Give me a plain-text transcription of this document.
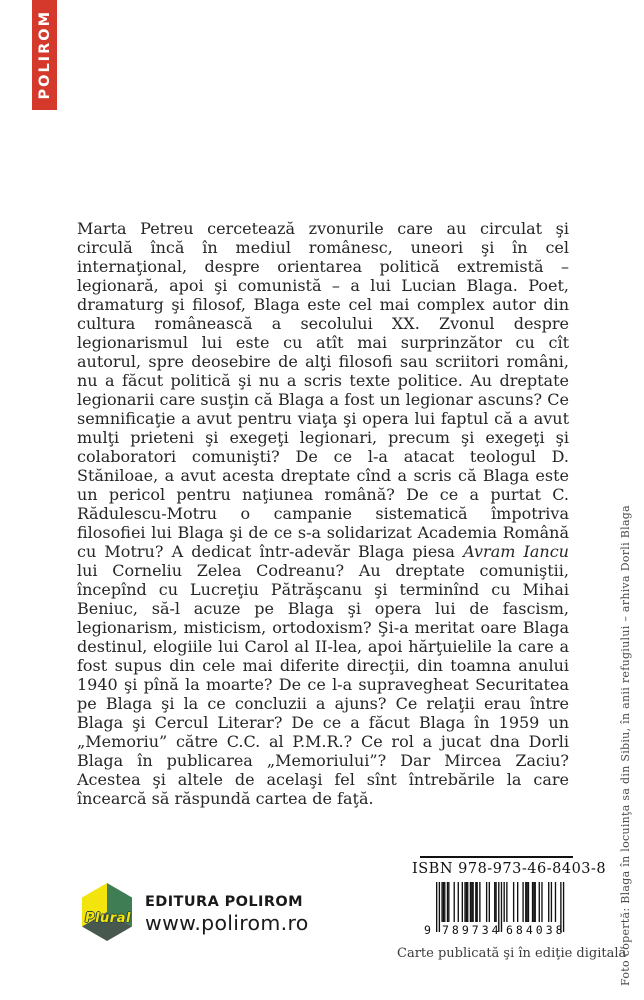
POLIROM

Marta Petreu cercetează zvonurile care au circulat şi circulă încă în mediul românesc, uneori şi în cel internaţional, despre orientarea politică extremistă – legionară, apoi şi comunistă – a lui Lucian Blaga. Poet, dramaturg şi filosof, Blaga este cel mai complex autor din cultura românească a secolului XX. Zvonul despre legionarismul lui este cu atît mai surprinzător cu cît autorul, spre deosebire de alţi filosofi sau scriitori români, nu a făcut politică şi nu a scris texte politice. Au dreptate legionarii care susţin că Blaga a fost un legionar ascuns? Ce semnificaţie a avut pentru viaţa şi opera lui faptul că a avut mulţi prieteni şi exegeţi legionari, precum şi exegeţi şi colaboratori comunişti? De ce l-a atacat teologul D. Stăniloae, a avut acesta dreptate cînd a scris că Blaga este un pericol pentru naţiunea română? De ce a purtat C. Rădulescu-Motru o campanie sistematică împotriva filosofiei lui Blaga şi de ce s-a solidarizat Academia Română cu Motru? A dedicat într-adevăr Blaga piesa Avram Iancu lui Corneliu Zelea Codreanu? Au dreptate comuniştii, începînd cu Lucreţiu Pătrăşcanu şi terminînd cu Mihai Beniuc, să-l acuze pe Blaga şi opera lui de fascism, legionarism, misticism, ortodoxism? Şi-a meritat oare Blaga destinul, elogiile lui Carol al II-lea, apoi hărţuielile la care a fost supus din cele mai diferite direcţii, din toamna anului 1940 şi pînă la moarte? De ce l-a supravegheat Securitatea pe Blaga şi la ce concluzii a ajuns? Ce relaţii erau între Blaga şi Cercul Literar? De ce a făcut Blaga în 1959 un „Memoriu” către C.C. al P.M.R.? Ce rol a jucat dna Dorli Blaga în publicarea „Memoriului”? Dar Mircea Zaciu? Acestea şi altele de acelaşi fel sînt întrebările la care încearcă să răspundă cartea de faţă.

Plural
EDITURA POLIROM
www.polirom.ro
ISBN 978-973-46-8403-8
9 789734 684038
Carte publicată şi în ediţie digitală
Foto copertă: Blaga în locuinţa sa din Sibiu, în anii refugiului – arhiva Dorli Blaga
